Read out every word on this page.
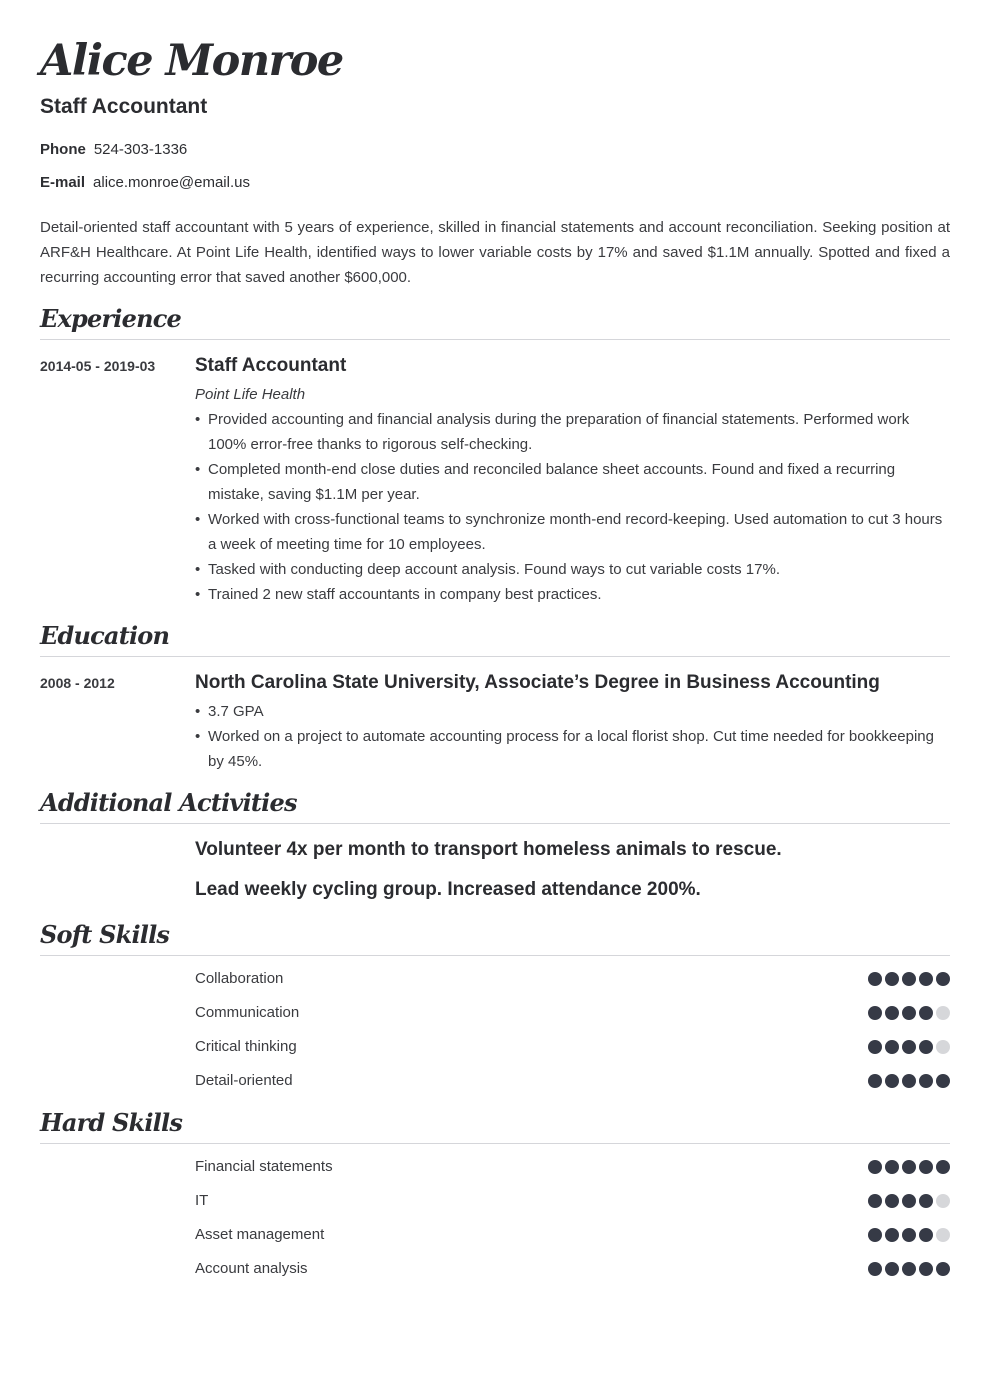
Alice Monroe
Staff Accountant
Phone 524-303-1336
E-mail alice.monroe@email.us

Detail-oriented staff accountant with 5 years of experience, skilled in financial statements and account reconciliation. Seeking position at ARF&H Healthcare. At Point Life Health, identified ways to lower variable costs by 17% and saved $1.1M annually. Spotted and fixed a recurring accounting error that saved another $600,000.

Experience
2014-05 - 2019-03 Staff Accountant
Point Life Health
• Provided accounting and financial analysis during the preparation of financial statements. Performed work 100% error-free thanks to rigorous self-checking.
• Completed month-end close duties and reconciled balance sheet accounts. Found and fixed a recurring mistake, saving $1.1M per year.
• Worked with cross-functional teams to synchronize month-end record-keeping. Used automation to cut 3 hours a week of meeting time for 10 employees.
• Tasked with conducting deep account analysis. Found ways to cut variable costs 17%.
• Trained 2 new staff accountants in company best practices.
Education
2008 - 2012	North Carolina State University, Associate’s Degree in Business Accounting
• 3.7 GPA
• Worked on a project to automate accounting process for a local florist shop. Cut time needed for bookkeeping by 45%.
Additional Activities
Volunteer 4x per month to transport homeless animals to rescue.
Lead weekly cycling group. Increased attendance 200%.
Soft Skills
Collaboration
Communication
Critical thinking
Detail-oriented
Hard Skills
Financial statements
IT
Asset management
Account analysis
